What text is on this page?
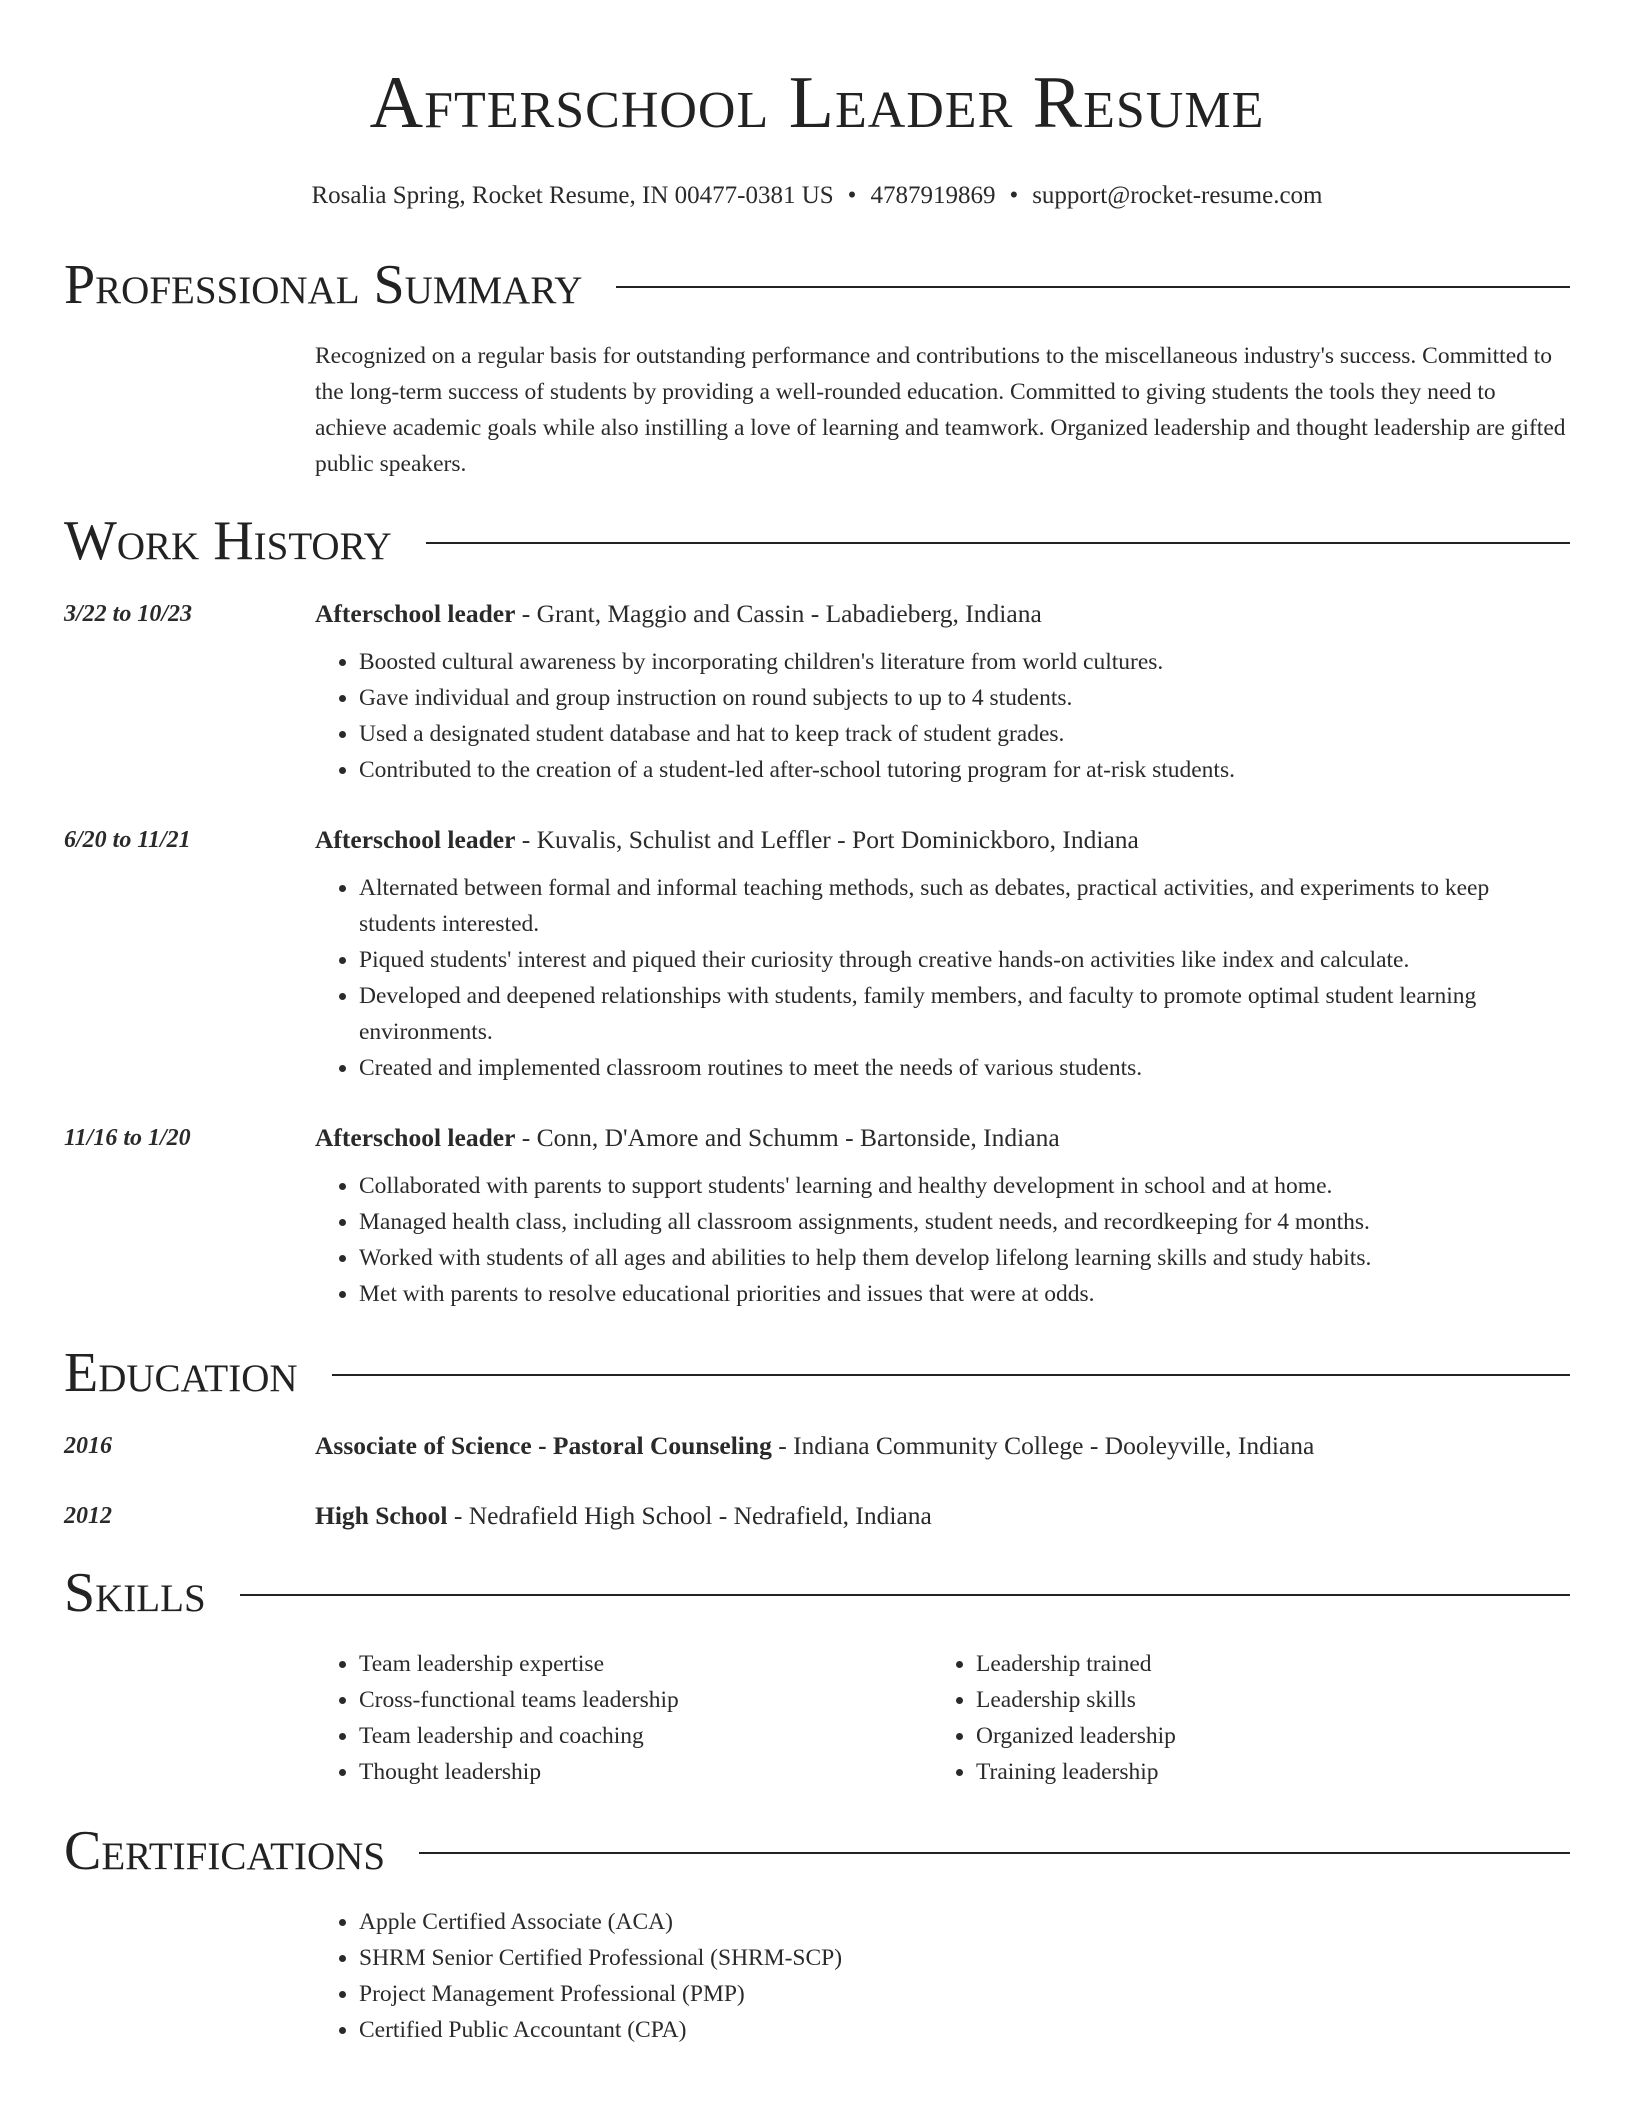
Afterschool Leader Resume
Rosalia Spring, Rocket Resume, IN 00477-0381 US • 4787919869 • support@rocket-resume.com
Professional Summary

Recognized on a regular basis for outstanding performance and contributions to the miscellaneous industry's success. Committed to the long-term success of students by providing a well-rounded education. Committed to giving students the tools they need to achieve academic goals while also instilling a love of learning and teamwork. Organized leadership and thought leadership are gifted public speakers.

Work History
3/22 to 10/23	Afterschool leader - Grant, Maggio and Cassin - Labadieberg, Indiana
• Boosted cultural awareness by incorporating children's literature from world cultures.
• Gave individual and group instruction on round subjects to up to 4 students.
• Used a designated student database and hat to keep track of student grades.
• Contributed to the creation of a student-led after-school tutoring program for at-risk students.
6/20 to 11/21	Afterschool leader - Kuvalis, Schulist and Leffler - Port Dominickboro, Indiana
• Alternated between formal and informal teaching methods, such as debates, practical activities, and experiments to keep students interested.
• Piqued students' interest and piqued their curiosity through creative hands-on activities like index and calculate.
• Developed and deepened relationships with students, family members, and faculty to promote optimal student learning environments.
• Created and implemented classroom routines to meet the needs of various students.
11/16 to 1/20	Afterschool leader - Conn, D'Amore and Schumm - Bartonside, Indiana
• Collaborated with parents to support students' learning and healthy development in school and at home.
• Managed health class, including all classroom assignments, student needs, and recordkeeping for 4 months.
• Worked with students of all ages and abilities to help them develop lifelong learning skills and study habits.
• Met with parents to resolve educational priorities and issues that were at odds.
Education
2016	Associate of Science - Pastoral Counseling - Indiana Community College - Dooleyville, Indiana
2012	High School - Nedrafield High School - Nedrafield, Indiana
Skills
• Team leadership expertise
• Cross-functional teams leadership
• Team leadership and coaching
• Thought leadership
• Leadership trained
• Leadership skills
• Organized leadership
• Training leadership
Certifications
• Apple Certified Associate (ACA)
• SHRM Senior Certified Professional (SHRM-SCP)
• Project Management Professional (PMP)
• Certified Public Accountant (CPA)
